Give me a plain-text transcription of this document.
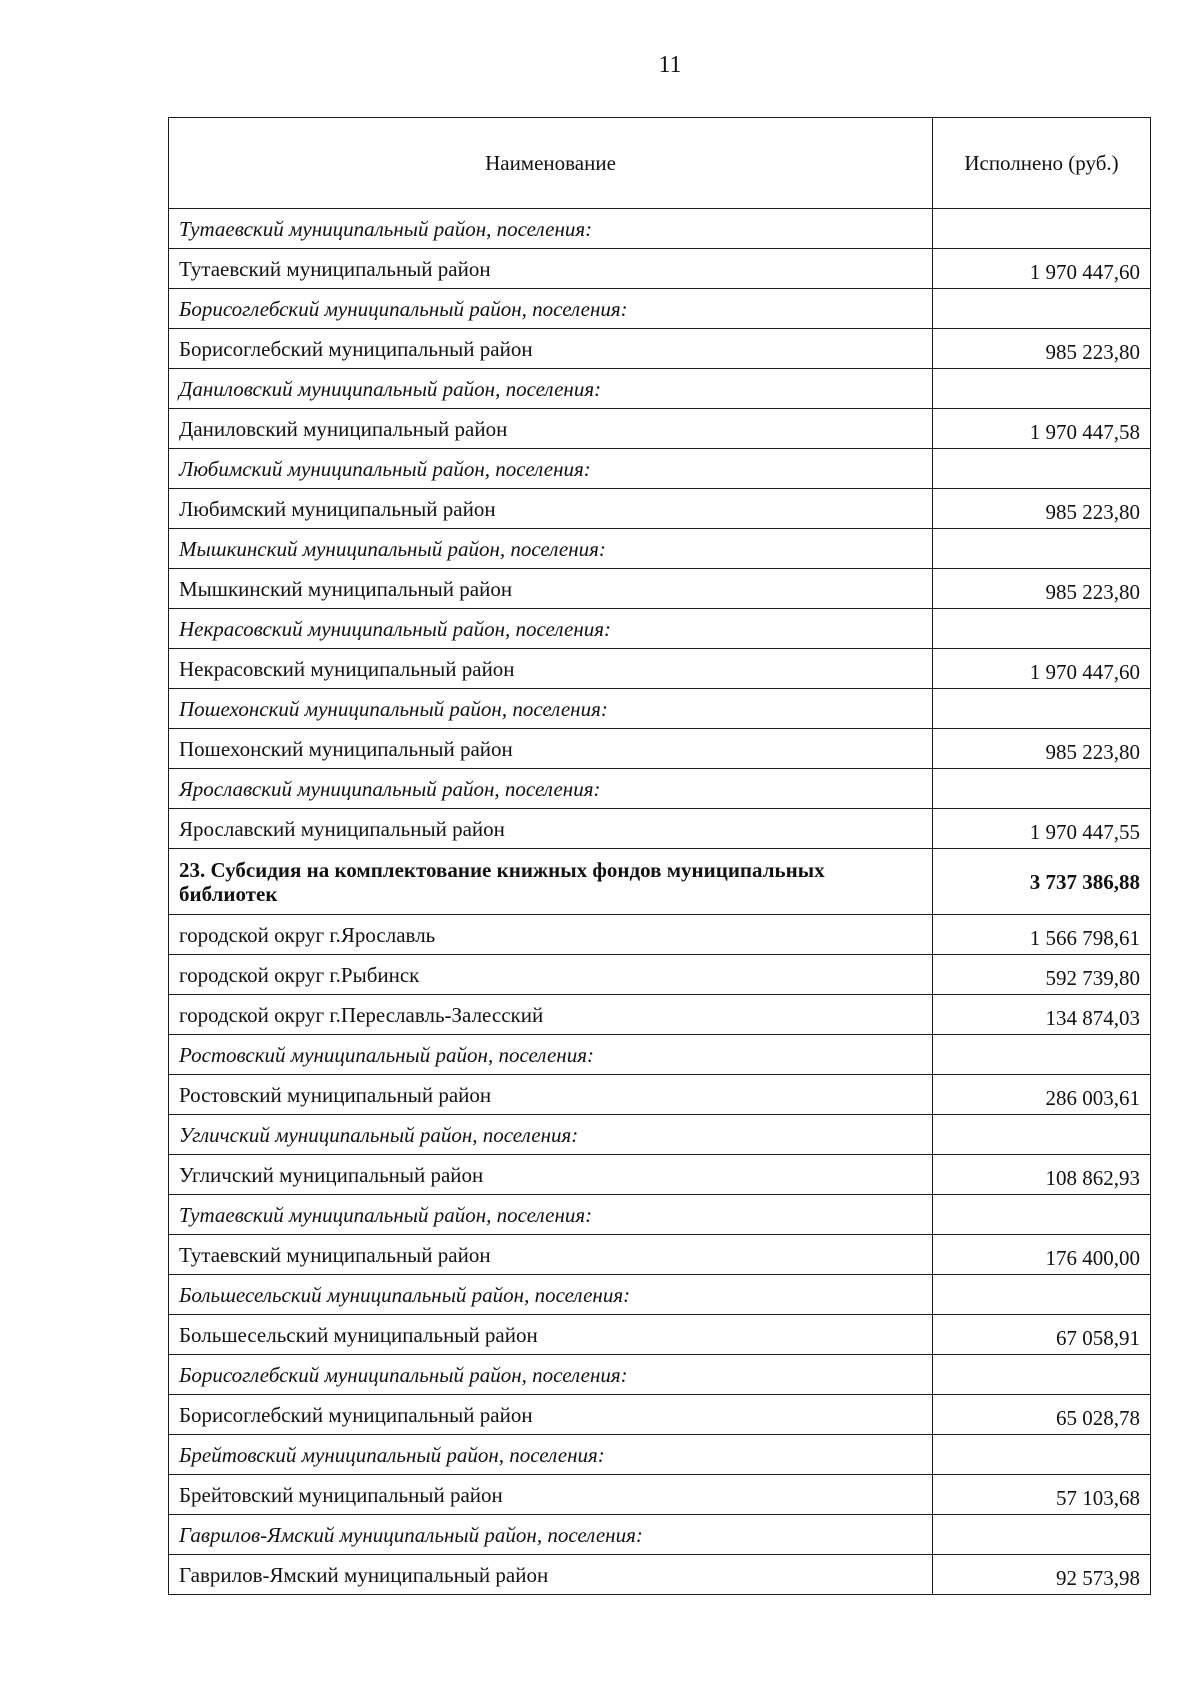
11
Наименование	Исполнено (руб.)
Тутаевский муниципальный район, поселения:	
Тутаевский муниципальный район	1 970 447,60
Борисоглебский муниципальный район, поселения:	
Борисоглебский муниципальный район	985 223,80
Даниловский муниципальный район, поселения:	
Даниловский муниципальный район	1 970 447,58
Любимский муниципальный район, поселения:	
Любимский муниципальный район	985 223,80
Мышкинский муниципальный район, поселения:	
Мышкинский муниципальный район	985 223,80
Некрасовский муниципальный район, поселения:	
Некрасовский муниципальный район	1 970 447,60
Пошехонский муниципальный район, поселения:	
Пошехонский муниципальный район	985 223,80
Ярославский муниципальный район, поселения:	
Ярославский муниципальный район	1 970 447,55
23. Субсидия на комплектование книжных фондов муниципальных библиотек	3 737 386,88
городской округ г.Ярославль	1 566 798,61
городской округ г.Рыбинск	592 739,80
городской округ г.Переславль-Залесский	134 874,03
Ростовский муниципальный район, поселения:	
Ростовский муниципальный район	286 003,61
Угличский муниципальный район, поселения:	
Угличский муниципальный район	108 862,93
Тутаевский муниципальный район, поселения:	
Тутаевский муниципальный район	176 400,00
Большесельский муниципальный район, поселения:	
Большесельский муниципальный район	67 058,91
Борисоглебский муниципальный район, поселения:	
Борисоглебский муниципальный район	65 028,78
Брейтовский муниципальный район, поселения:	
Брейтовский муниципальный район	57 103,68
Гаврилов-Ямский муниципальный район, поселения:	
Гаврилов-Ямский муниципальный район	92 573,98
